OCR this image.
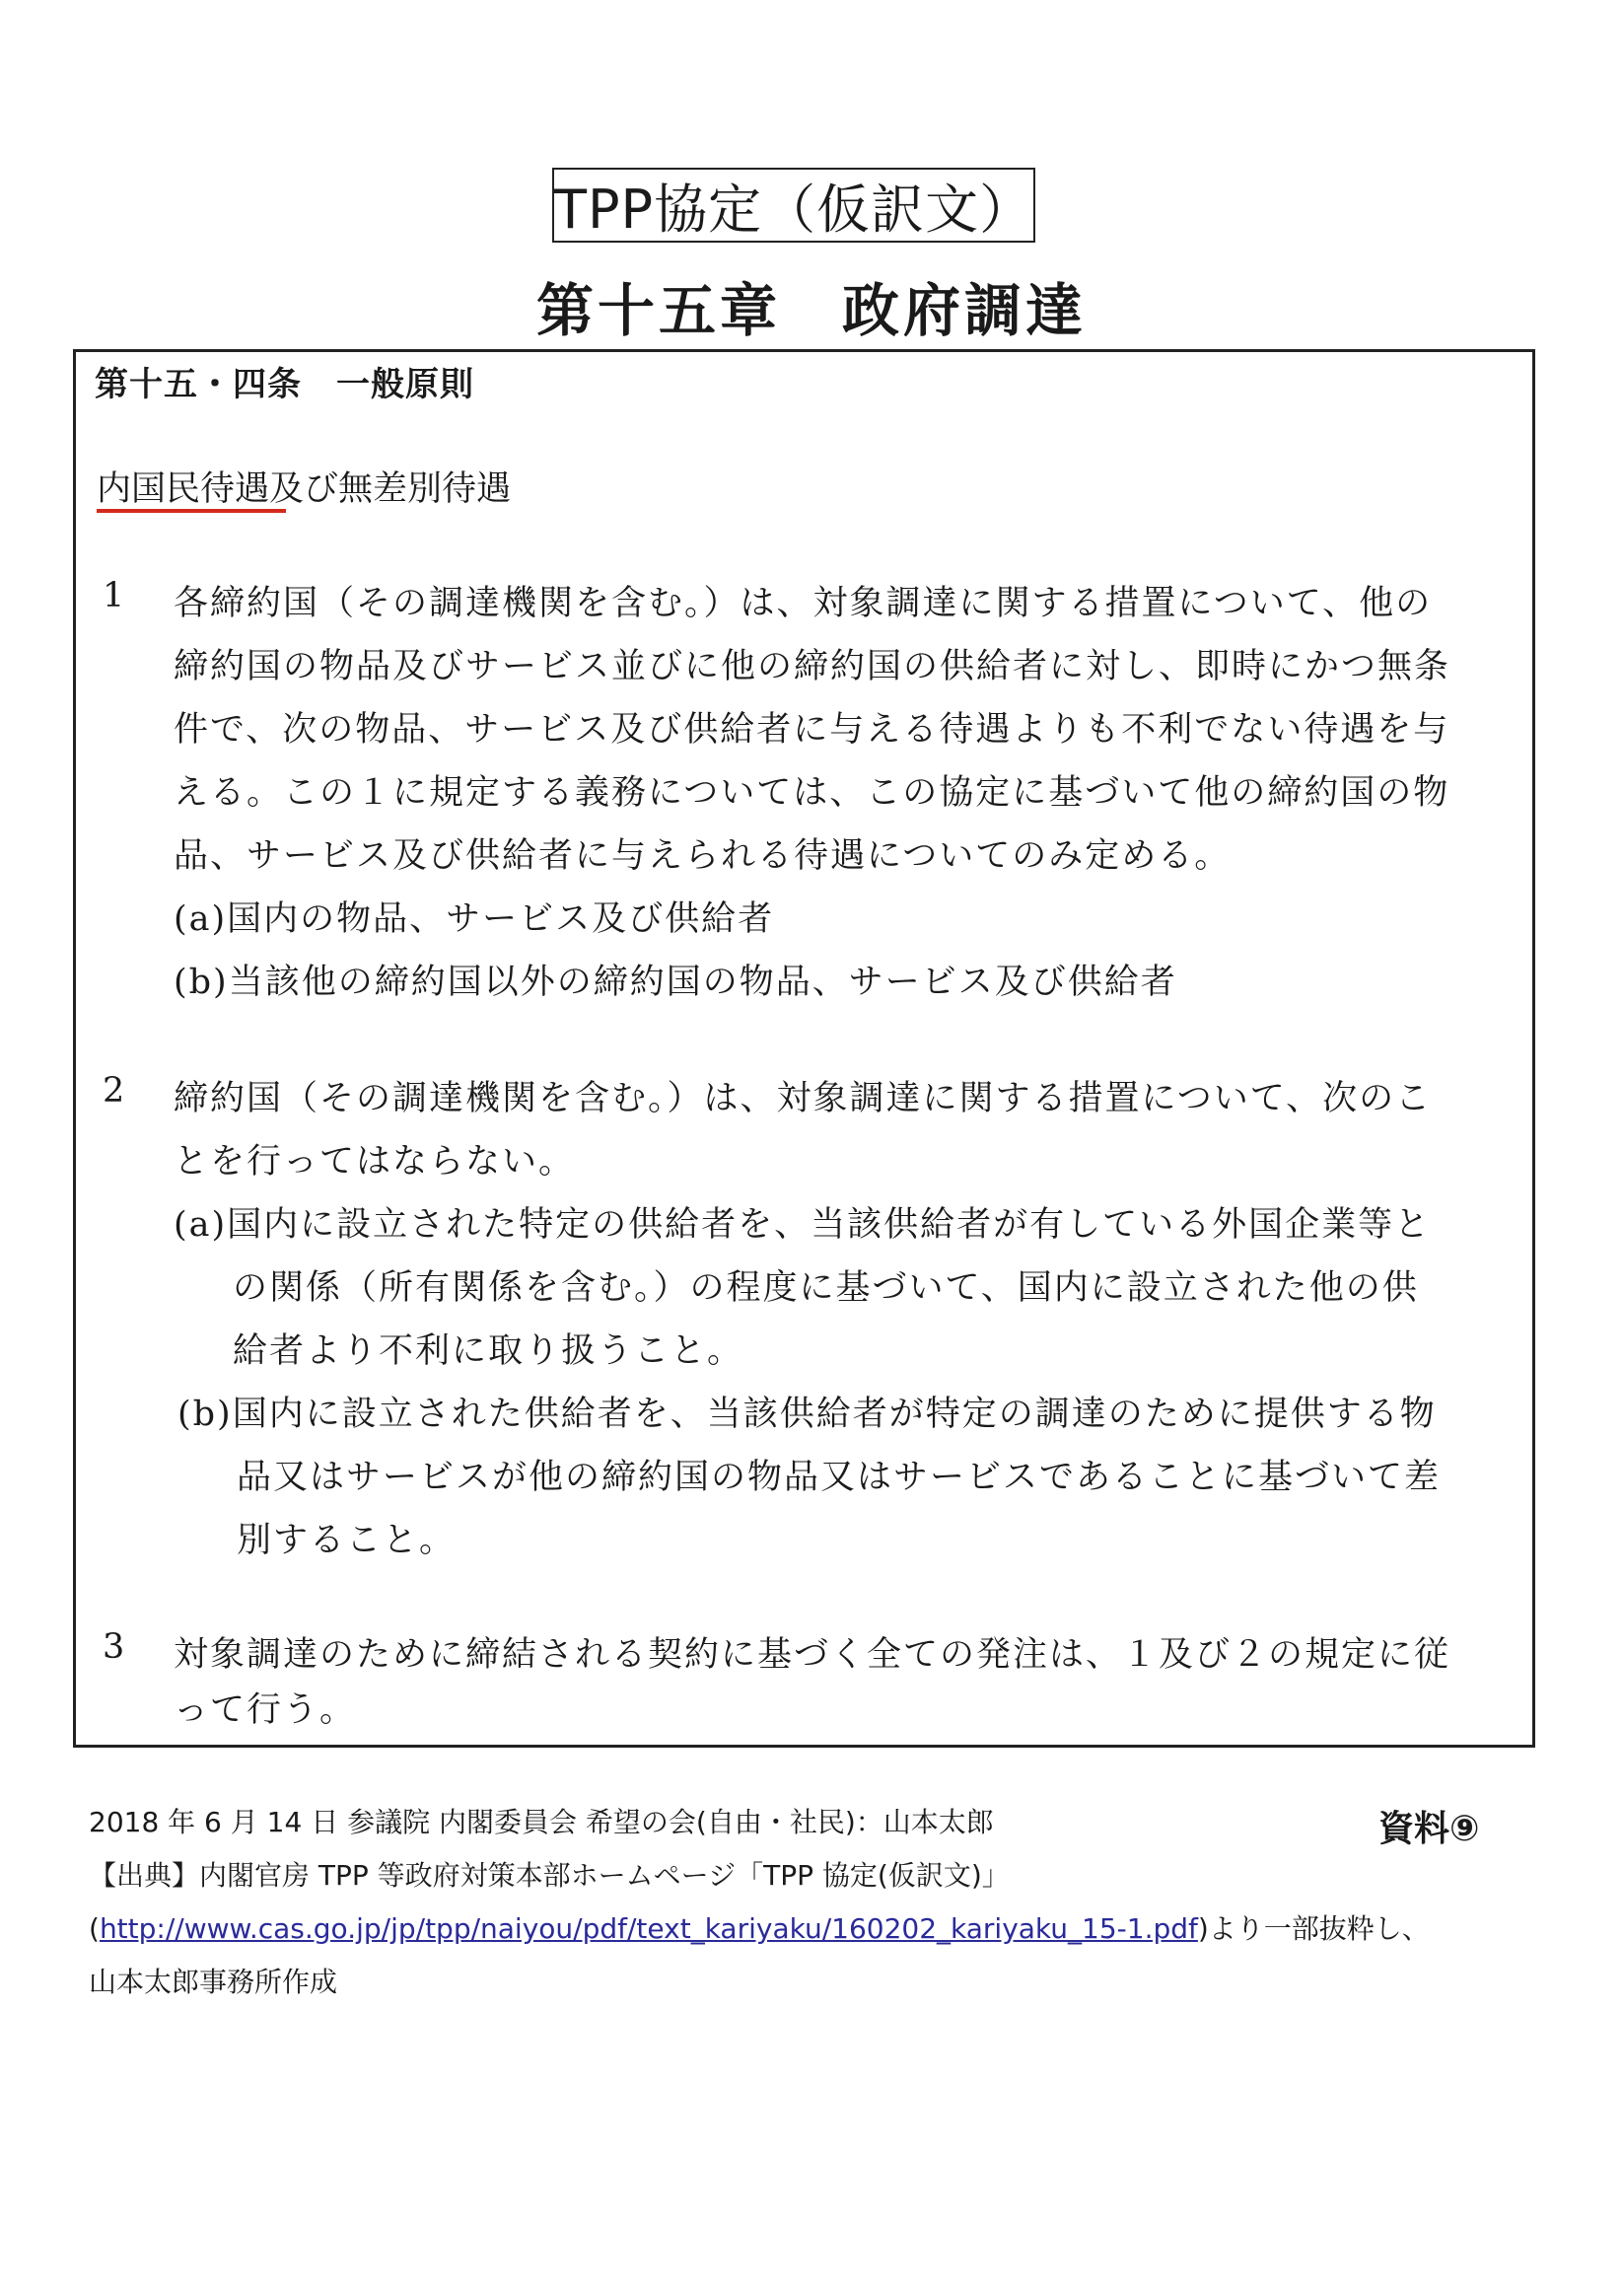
TPP協定（仮訳文）
第十五章　政府調達
第十五・四条　一般原則
内国民待遇及び無差別待遇
1 各締約国（その調達機関を含む。）は、対象調達に関する措置について、他の
締約国の物品及びサービス並びに他の締約国の供給者に対し、即時にかつ無条
件で、次の物品、サービス及び供給者に与える待遇よりも不利でない待遇を与
える。この１に規定する義務については、この協定に基づいて他の締約国の物
品、サービス及び供給者に与えられる待遇についてのみ定める。
(a)国内の物品、サービス及び供給者
(b)当該他の締約国以外の締約国の物品、サービス及び供給者
2 締約国（その調達機関を含む。）は、対象調達に関する措置について、次のこ
とを行ってはならない。
(a)国内に設立された特定の供給者を、当該供給者が有している外国企業等と
の関係（所有関係を含む。）の程度に基づいて、国内に設立された他の供
給者より不利に取り扱うこと。
(b)国内に設立された供給者を、当該供給者が特定の調達のために提供する物
品又はサービスが他の締約国の物品又はサービスであることに基づいて差
別すること。
3 対象調達のために締結される契約に基づく全ての発注は、１及び２の規定に従
って行う。
2018 年 6 月 14 日 参議院 内閣委員会 希望の会(自由・社民)：山本太郎	資料⑨
【出典】内閣官房 TPP 等政府対策本部ホームページ「TPP 協定(仮訳文)」
(http://www.cas.go.jp/jp/tpp/naiyou/pdf/text_kariyaku/160202_kariyaku_15-1.pdf)より一部抜粋し、
山本太郎事務所作成
